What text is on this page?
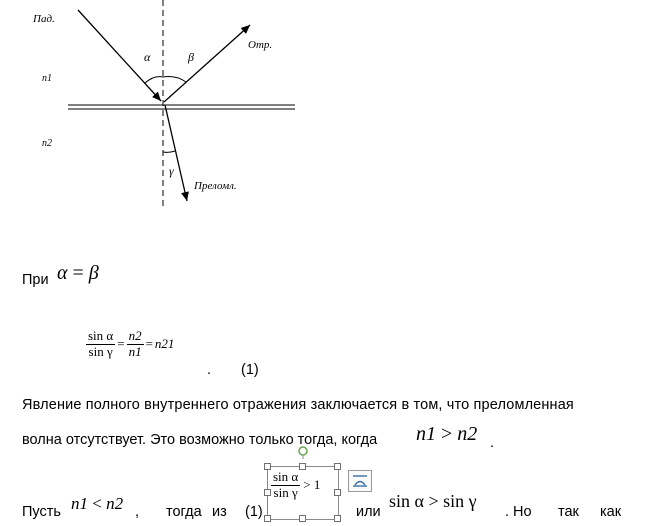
Пад.
Отр.
Преломл.
n1
n2
α	β
γ
При α = β
$\frac{\text{sin α}}{\text{sin γ}} = \frac{n2}{n1} = n21$
. (1)
Явление полного внутреннего отражения заключается в том, что преломленная
волна отсутствует. Это возможно только тогда, когда n1 > n2 .
Пусть n1 < n2 , тогда из (1)
$\frac{\text{sin α}}{\text{sin γ}} > 1$
или
sin α > sin γ
. Но так как
